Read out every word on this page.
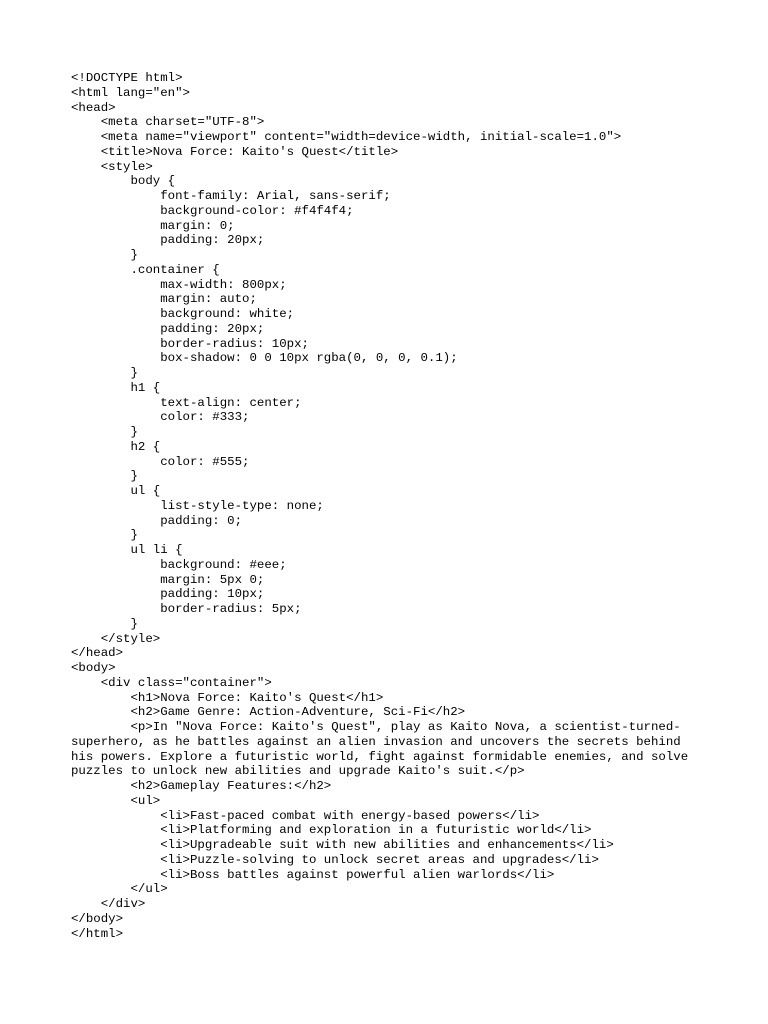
<!DOCTYPE html>
<html lang="en">
<head>
<meta charset="UTF-8">
<meta name="viewport" content="width=device-width, initial-scale=1.0">
<title>Nova Force: Kaito's Quest</title>
<style>
body {
font-family: Arial, sans-serif;
background-color: #f4f4f4;
margin: 0;
padding: 20px;
}
.container {
max-width: 800px;
margin: auto;
background: white;
padding: 20px;
border-radius: 10px;
box-shadow: 0 0 10px rgba(0, 0, 0, 0.1);
}
h1 {
text-align: center;
color: #333;
}
h2 {
color: #555;
}
ul {
list-style-type: none;
padding: 0;
}
ul li {
background: #eee;
margin: 5px 0;
padding: 10px;
border-radius: 5px;
}
</style>
</head>
<body>
<div class="container">
<h1>Nova Force: Kaito's Quest</h1>
<h2>Game Genre: Action-Adventure, Sci-Fi</h2>
<p>In "Nova Force: Kaito's Quest", play as Kaito Nova, a scientist-turned-
superhero, as he battles against an alien invasion and uncovers the secrets behind
his powers. Explore a futuristic world, fight against formidable enemies, and solve
puzzles to unlock new abilities and upgrade Kaito's suit.</p>
<h2>Gameplay Features:</h2>
<ul>
<li>Fast-paced combat with energy-based powers</li>
<li>Platforming and exploration in a futuristic world</li>
<li>Upgradeable suit with new abilities and enhancements</li>
<li>Puzzle-solving to unlock secret areas and upgrades</li>
<li>Boss battles against powerful alien warlords</li>
</ul>
</div>
</body>
</html>
